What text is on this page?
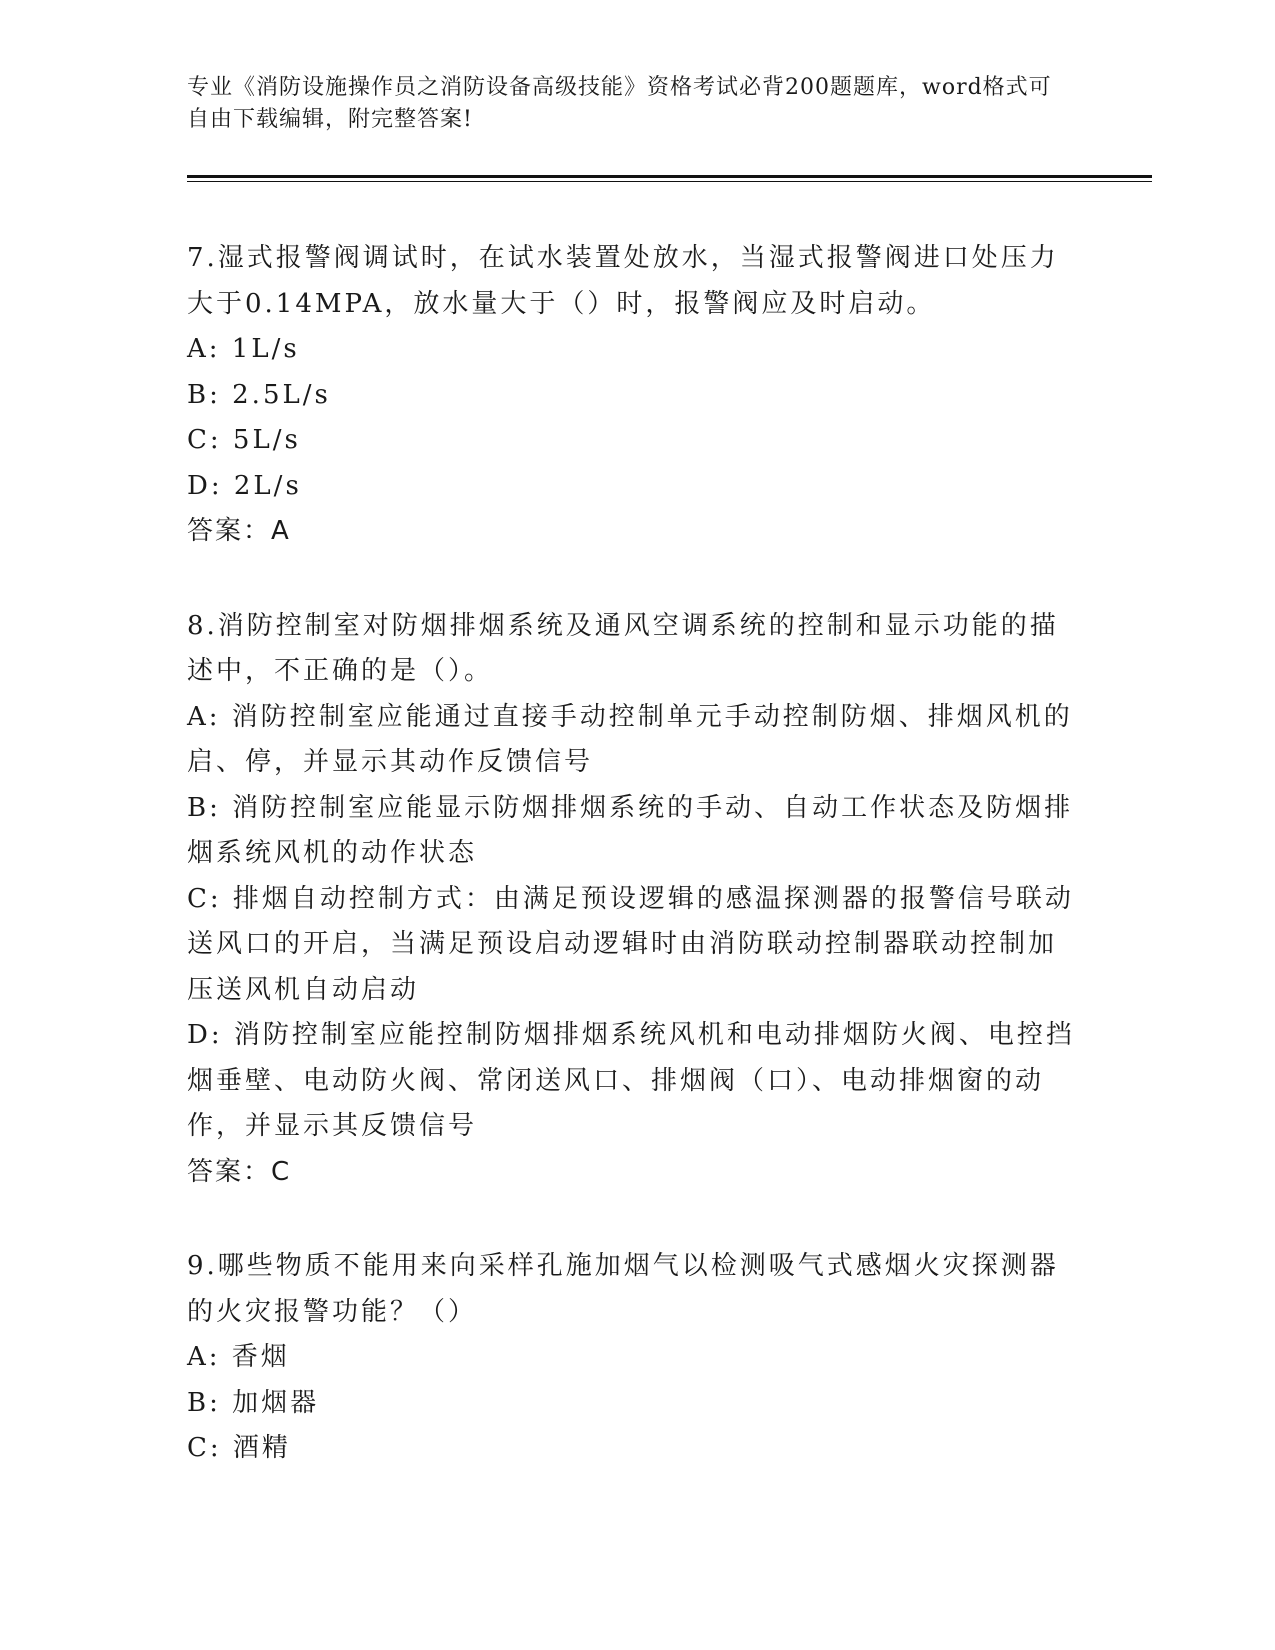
专业《消防设施操作员之消防设备高级技能》资格考试必背200题题库，word格式可自由下载编辑，附完整答案!
7.湿式报警阀调试时，在试水装置处放水，当湿式报警阀进口处压力大于0.14MPA，放水量大于（）时，报警阀应及时启动。
A: 1L/s
B: 2.5L/s
C: 5L/s
D: 2L/s
答案：A
8.消防控制室对防烟排烟系统及通风空调系统的控制和显示功能的描述中，不正确的是（）。
A: 消防控制室应能通过直接手动控制单元手动控制防烟、排烟风机的启、停，并显示其动作反馈信号
B: 消防控制室应能显示防烟排烟系统的手动、自动工作状态及防烟排烟系统风机的动作状态
C: 排烟自动控制方式：由满足预设逻辑的感温探测器的报警信号联动送风口的开启，当满足预设启动逻辑时由消防联动控制器联动控制加压送风机自动启动
D: 消防控制室应能控制防烟排烟系统风机和电动排烟防火阀、电控挡烟垂壁、电动防火阀、常闭送风口、排烟阀（口）、电动排烟窗的动作，并显示其反馈信号
答案：C
9.哪些物质不能用来向采样孔施加烟气以检测吸气式感烟火灾探测器的火灾报警功能？（）
A: 香烟
B: 加烟器
C: 酒精
